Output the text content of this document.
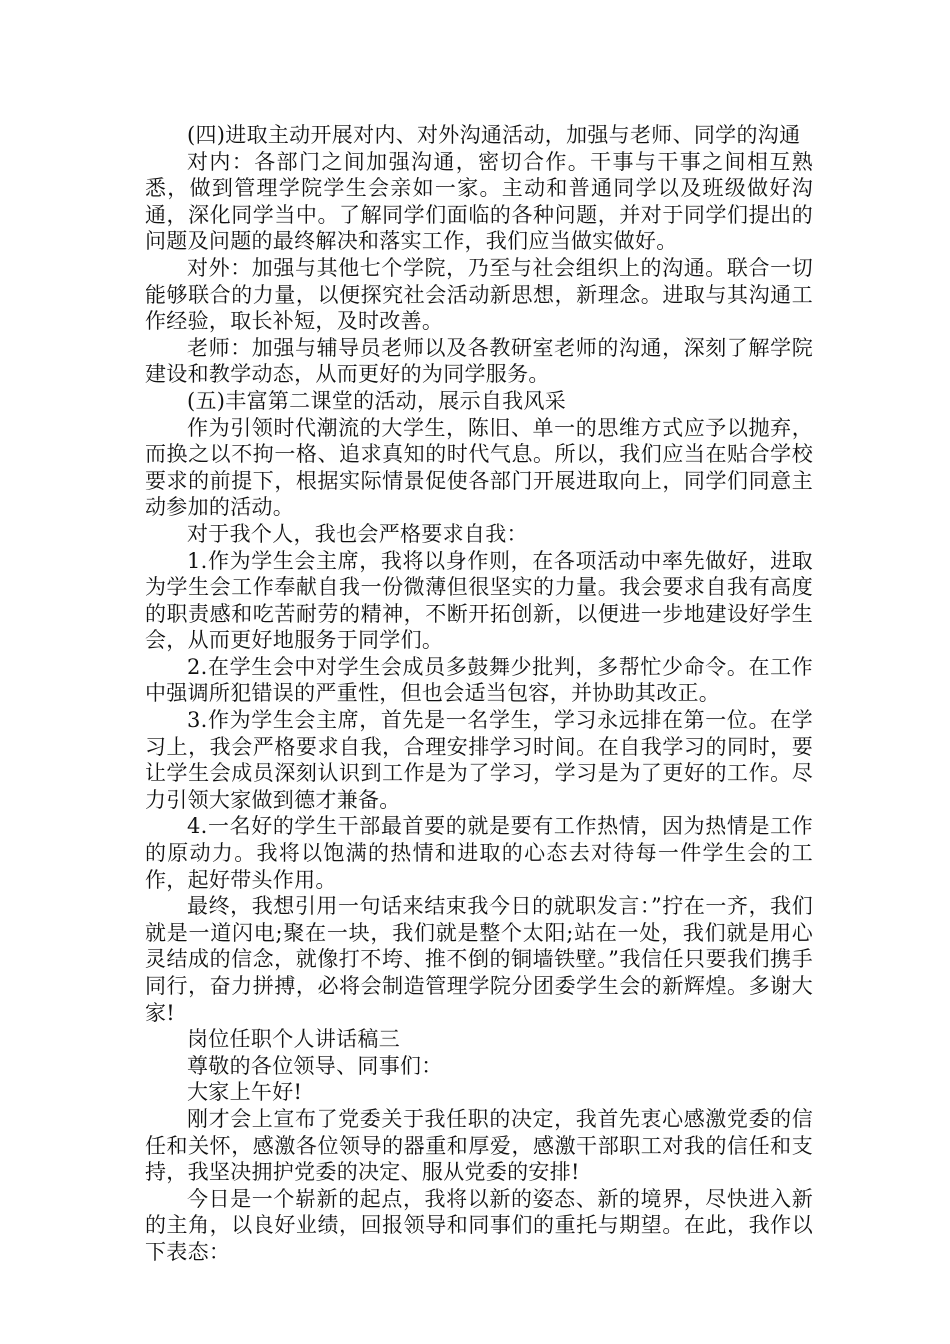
(四)进取主动开展对内、对外沟通活动，加强与老师、同学的沟通

对内：各部门之间加强沟通，密切合作。干事与干事之间相互熟悉，做到管理学院学生会亲如一家。主动和普通同学以及班级做好沟通，深化同学当中。了解同学们面临的各种问题，并对于同学们提出的问题及问题的最终解决和落实工作，我们应当做实做好。

对外：加强与其他七个学院，乃至与社会组织上的沟通。联合一切能够联合的力量，以便探究社会活动新思想，新理念。进取与其沟通工作经验，取长补短，及时改善。

老师：加强与辅导员老师以及各教研室老师的沟通，深刻了解学院建设和教学动态，从而更好的为同学服务。

(五)丰富第二课堂的活动，展示自我风采

作为引领时代潮流的大学生，陈旧、单一的思维方式应予以抛弃，而换之以不拘一格、追求真知的时代气息。所以，我们应当在贴合学校要求的前提下，根据实际情景促使各部门开展进取向上，同学们同意主动参加的活动。

对于我个人，我也会严格要求自我：

1.作为学生会主席，我将以身作则，在各项活动中率先做好，进取为学生会工作奉献自我一份微薄但很坚实的力量。我会要求自我有高度的职责感和吃苦耐劳的精神，不断开拓创新，以便进一步地建设好学生会，从而更好地服务于同学们。

2.在学生会中对学生会成员多鼓舞少批判，多帮忙少命令。在工作中强调所犯错误的严重性，但也会适当包容，并协助其改正。

3.作为学生会主席，首先是一名学生，学习永远排在第一位。在学习上，我会严格要求自我，合理安排学习时间。在自我学习的同时，要让学生会成员深刻认识到工作是为了学习，学习是为了更好的工作。尽力引领大家做到德才兼备。

4.一名好的学生干部最首要的就是要有工作热情，因为热情是工作的原动力。我将以饱满的热情和进取的心态去对待每一件学生会的工作，起好带头作用。

最终，我想引用一句话来结束我今日的就职发言：”拧在一齐，我们就是一道闪电;聚在一块，我们就是整个太阳;站在一处，我们就是用心灵结成的信念，就像打不垮、推不倒的铜墙铁壁。”我信任只要我们携手同行，奋力拼搏，必将会制造管理学院分团委学生会的新辉煌。多谢大家!

岗位任职个人讲话稿三

尊敬的各位领导、同事们：

大家上午好!

刚才会上宣布了党委关于我任职的决定，我首先衷心感激党委的信任和关怀，感激各位领导的器重和厚爱，感激干部职工对我的信任和支持，我坚决拥护党委的决定、服从党委的安排!

今日是一个崭新的起点，我将以新的姿态、新的境界，尽快进入新的主角，以良好业绩，回报领导和同事们的重托与期望。在此，我作以下表态：
